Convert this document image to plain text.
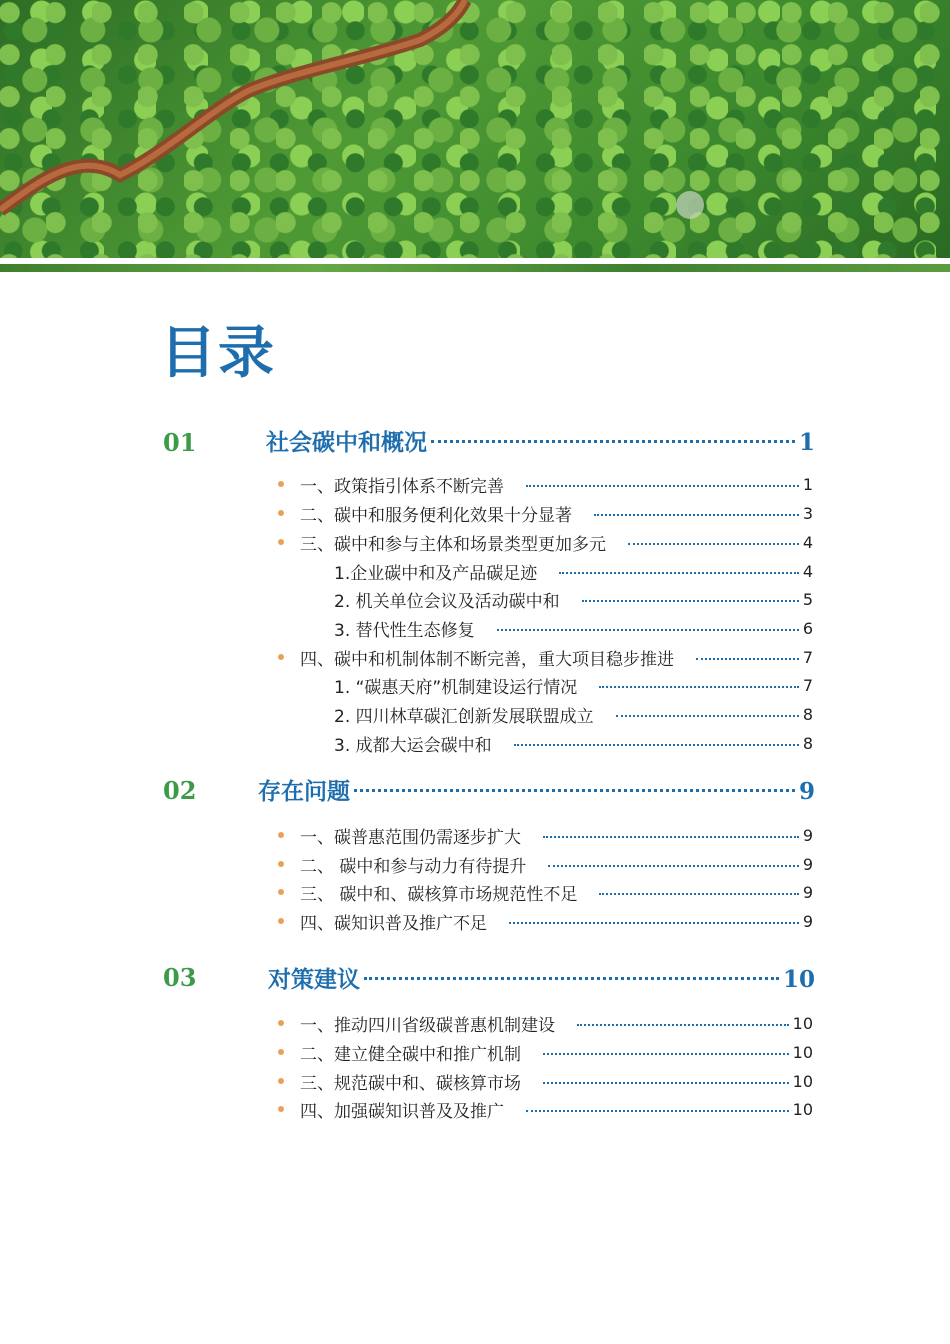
目录
01	社会碳中和概况	1
一、政策指引体系不断完善	1
二、碳中和服务便利化效果十分显著	3
三、碳中和参与主体和场景类型更加多元	4
1.企业碳中和及产品碳足迹	4
2. 机关单位会议及活动碳中和	5
3. 替代性生态修复	6
四、碳中和机制体制不断完善，重大项目稳步推进	7
1. “碳惠天府”机制建设运行情况	7
2. 四川林草碳汇创新发展联盟成立	8
3. 成都大运会碳中和	8
02	存在问题	9
一、碳普惠范围仍需逐步扩大	9
二、 碳中和参与动力有待提升	9
三、 碳中和、碳核算市场规范性不足	9
四、碳知识普及推广不足	9
03	对策建议	10
一、推动四川省级碳普惠机制建设	10
二、建立健全碳中和推广机制	10
三、规范碳中和、碳核算市场	10
四、加强碳知识普及及推广	10
